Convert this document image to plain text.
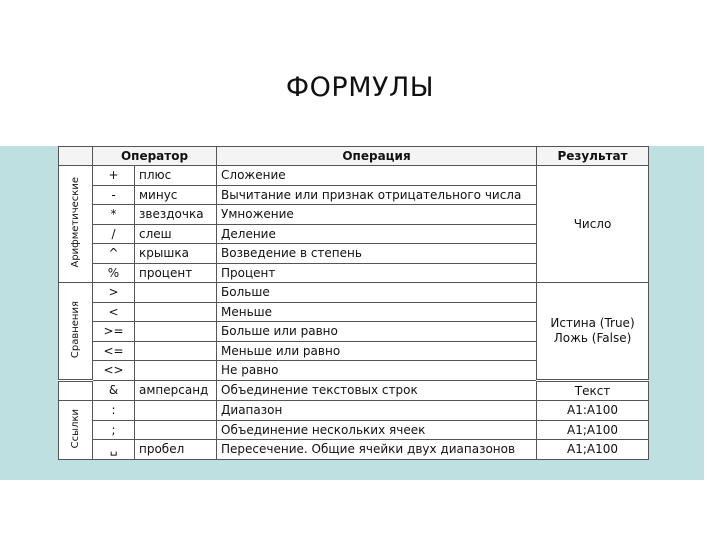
ФОРМУЛЫ
	Оператор		Операция	Результат
Арифметические	+	плюс	Сложение	Число
	-	минус	Вычитание или признак отрицательного числа	
	*	звездочка	Умножение	
	/	слеш	Деление	
	^	крышка	Возведение в степень	
	%	процент	Процент	
Сравнения	>		Больше	Истина (True)
Ложь (False)

	<		Меньше	
	>=		Больше или равно	
	<=		Меньше или равно	
	<>		Не равно	
	&	амперсанд	Объединение текстовых строк	Текст
Ссылки	:		Диапазон	A1:A100
	;		Объединение нескольких ячеек	A1;A100
	␣	пробел	Пересечение. Общие ячейки двух диапазонов	A1;A100
